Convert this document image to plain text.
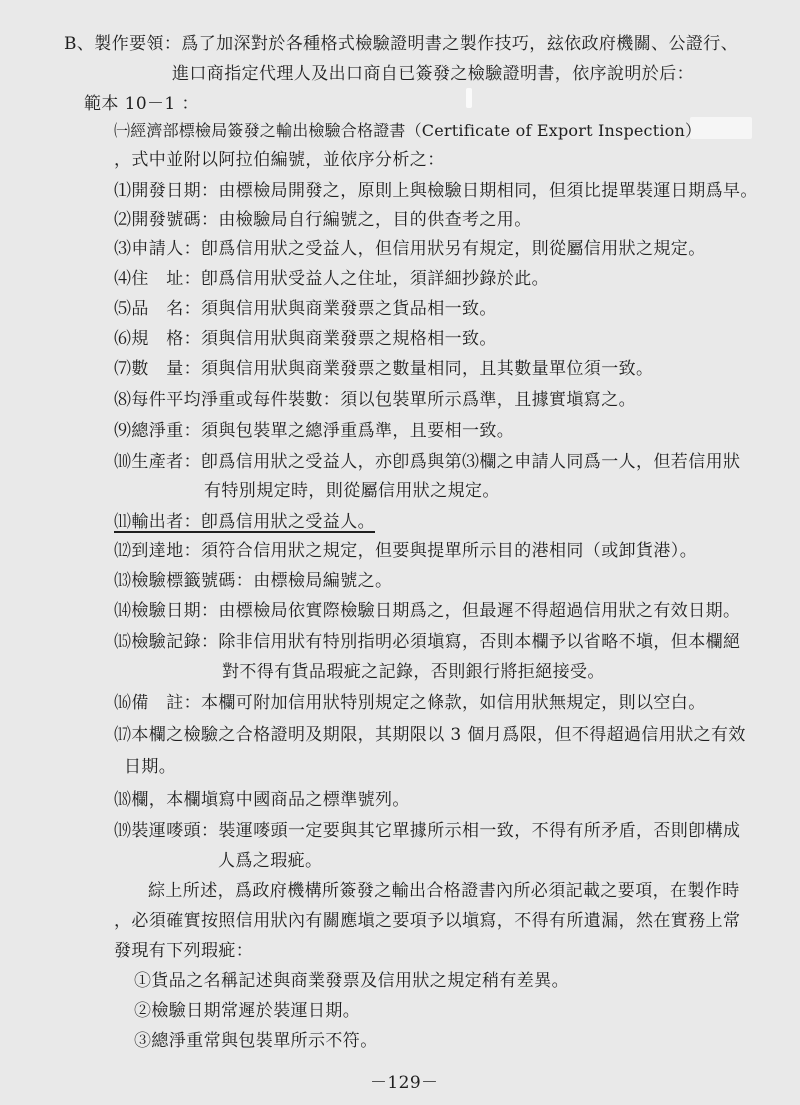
B、製作要領：爲了加深對於各種格式檢驗證明書之製作技巧，玆依政府機關、公證行、
進口商指定代理人及出口商自已簽發之檢驗證明書，依序說明於后：
範本 10－1 ：
㈠經濟部標檢局簽發之輸出檢驗合格證書（Certificate of Export Inspection）
，式中並附以阿拉伯編號，並依序分析之：
⑴開發日期：由標檢局開發之，原則上與檢驗日期相同，但須比提單裝運日期爲早。
⑵開發號碼：由檢驗局自行編號之，目的供查考之用。
⑶申請人：卽爲信用狀之受益人，但信用狀另有規定，則從屬信用狀之規定。
⑷住　址：卽爲信用狀受益人之住址，須詳細抄錄於此。
⑸品　名：須與信用狀與商業發票之貨品相一致。
⑹規　格：須與信用狀與商業發票之規格相一致。
⑺數　量：須與信用狀與商業發票之數量相同，且其數量單位須一致。
⑻每件平均淨重或每件裝數：須以包裝單所示爲準，且據實塡寫之。
⑼總淨重：須與包裝單之總淨重爲準，且要相一致。
⑽生產者：卽爲信用狀之受益人，亦卽爲與第⑶欄之申請人同爲一人，但若信用狀
有特別規定時，則從屬信用狀之規定。
⑾輸出者：卽爲信用狀之受益人。
⑿到達地：須符合信用狀之規定，但要與提單所示目的港相同（或卸貨港）。
⒀檢驗標籤號碼：由標檢局編號之。
⒁檢驗日期：由標檢局依實際檢驗日期爲之，但最遲不得超過信用狀之有效日期。
⒂檢驗記錄：除非信用狀有特別指明必須塡寫，否則本欄予以省略不塡，但本欄絕
對不得有貨品瑕疵之記錄，否則銀行將拒絕接受。
⒃備　註：本欄可附加信用狀特別規定之條款，如信用狀無規定，則以空白。
⒄本欄之檢驗之合格證明及期限，其期限以 3 個月爲限，但不得超過信用狀之有效
日期。
⒅欄，本欄塡寫中國商品之標準號列。
⒆裝運嘜頭：裝運嘜頭一定要與其它單據所示相一致，不得有所矛盾，否則卽構成
人爲之瑕疵。
綜上所述，爲政府機構所簽發之輸出合格證書內所必須記載之要項，在製作時
，必須確實按照信用狀內有關應塡之要項予以塡寫，不得有所遺漏，然在實務上常
發現有下列瑕疵：
①貨品之名稱記述與商業發票及信用狀之規定稍有差異。
②檢驗日期常遲於裝運日期。
③總淨重常與包裝單所示不符。
－129－
